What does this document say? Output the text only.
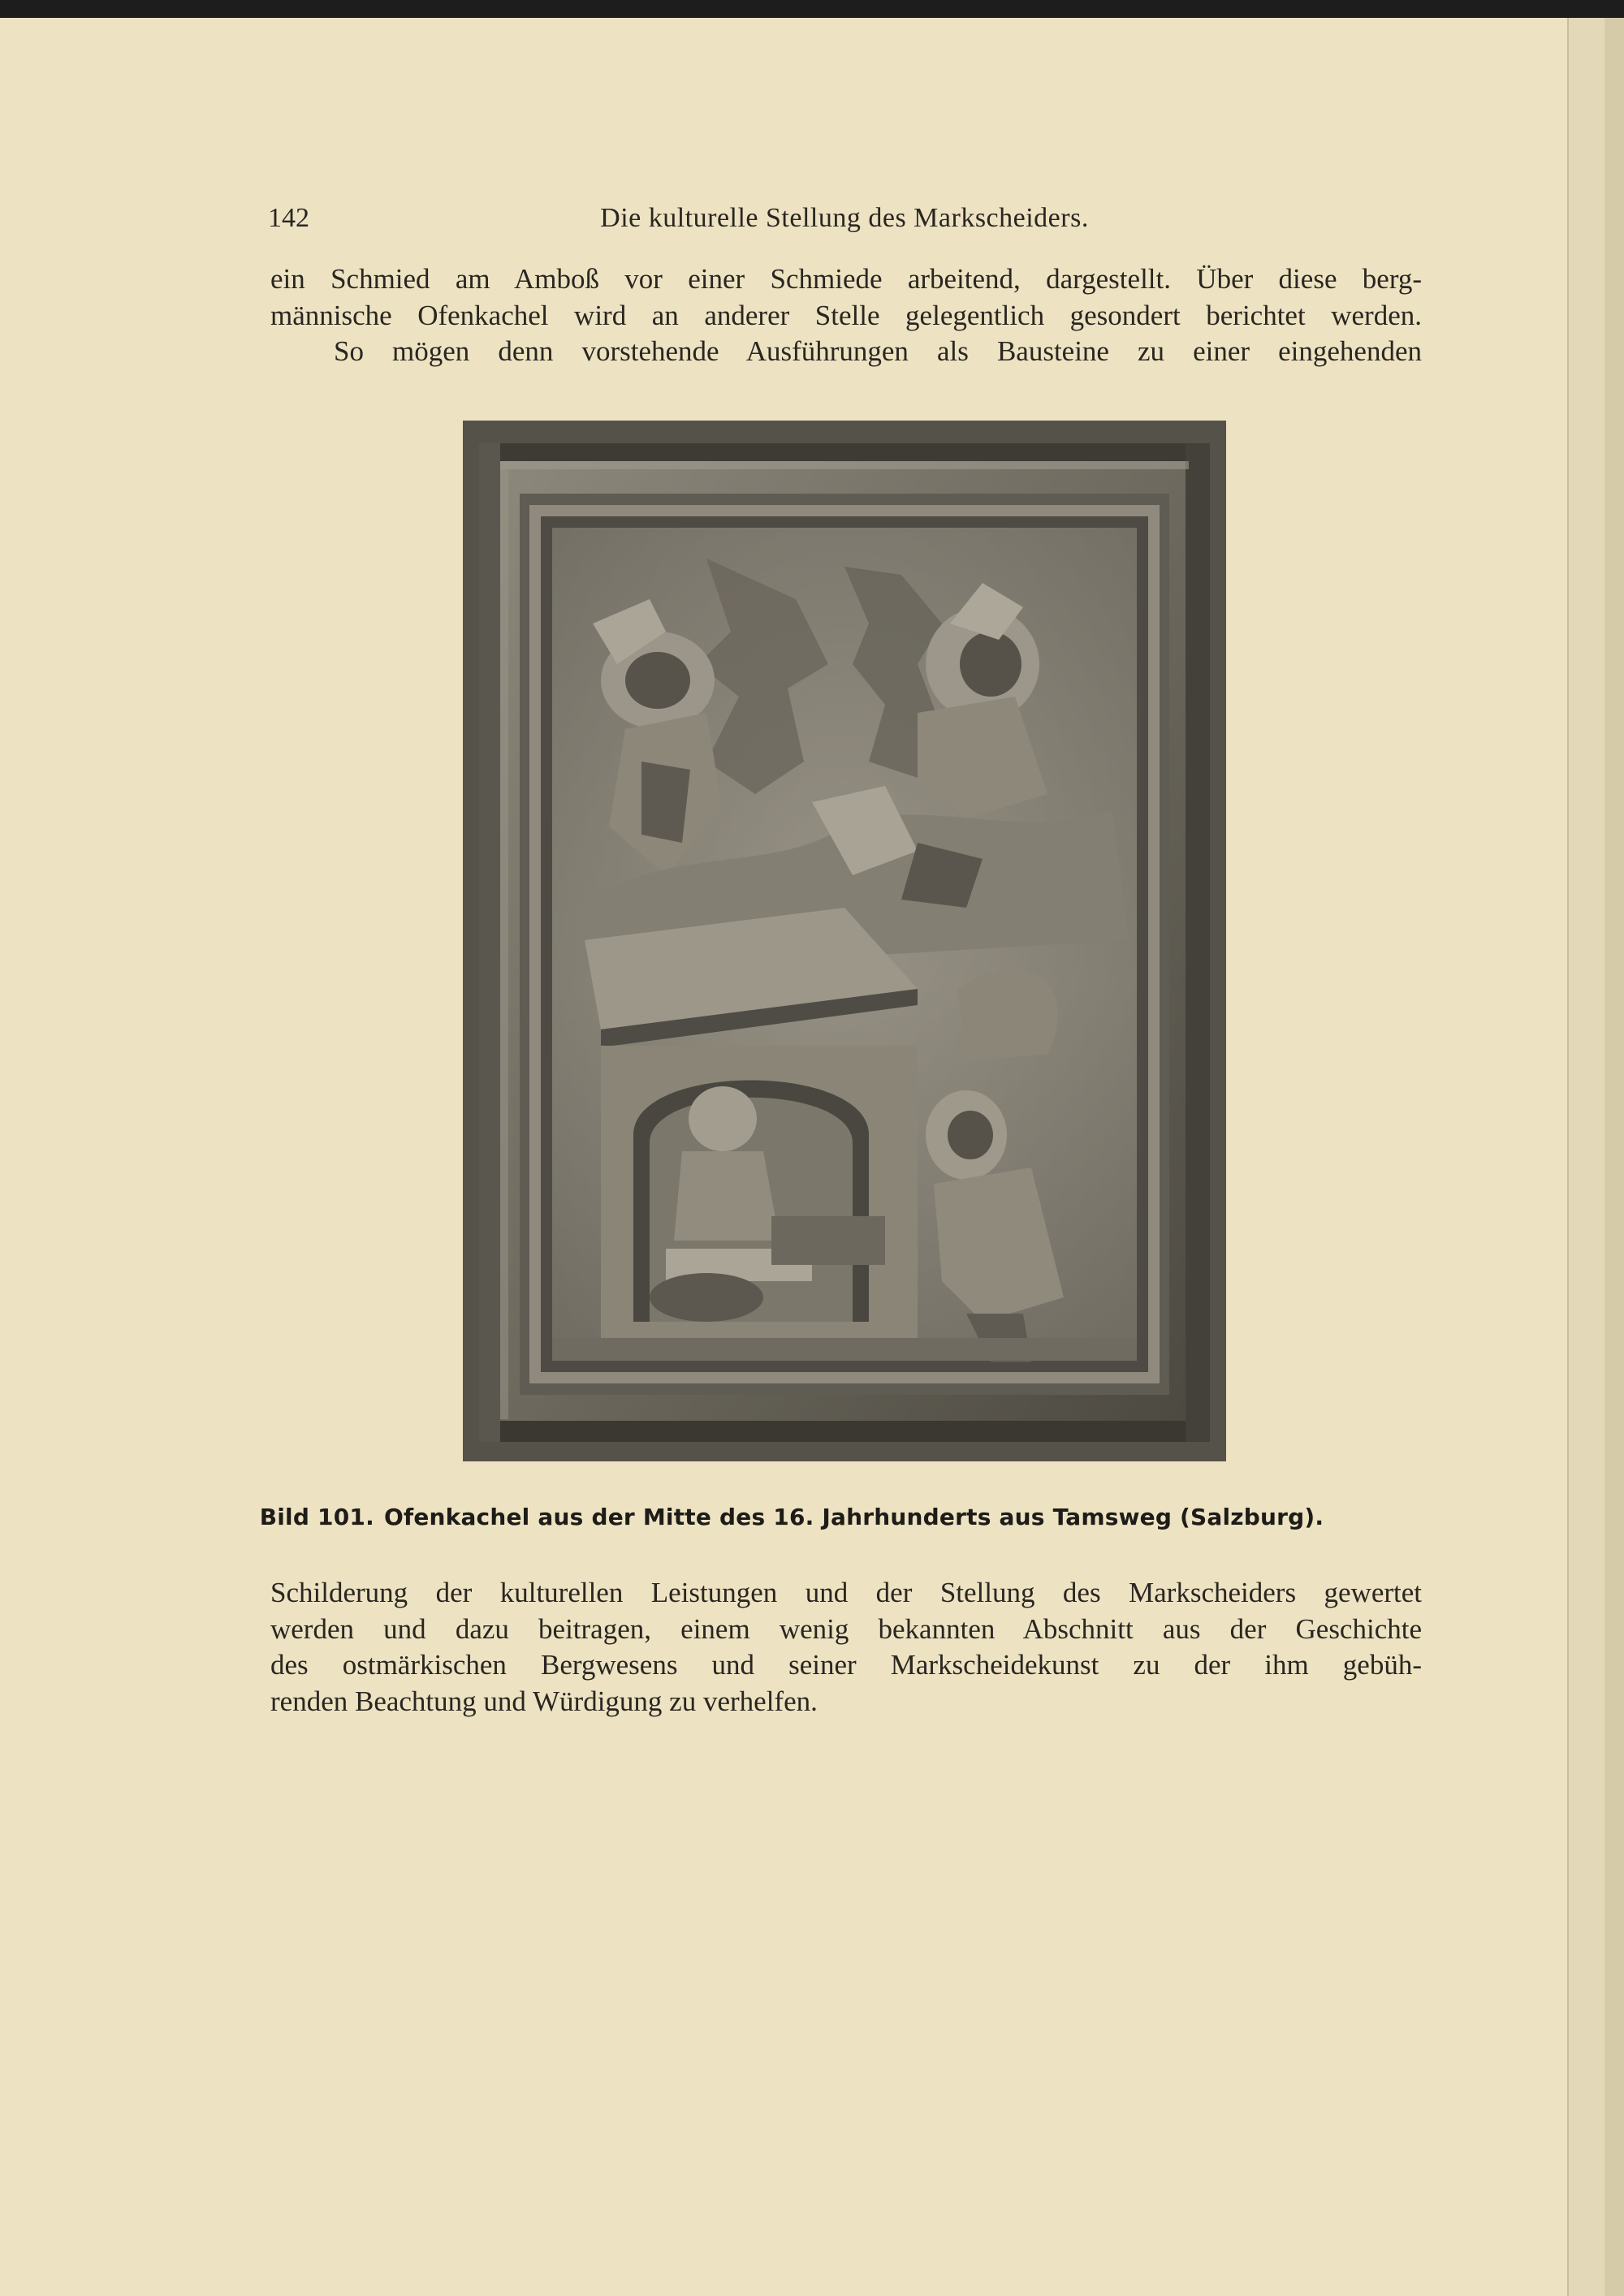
142	Die kulturelle Stellung des Markscheiders.
ein Schmied am Amboß vor einer Schmiede arbeitend, dargestellt. Über diese berg-
männische Ofenkachel wird an anderer Stelle gelegentlich gesondert berichtet werden.
So mögen denn vorstehende Ausführungen als Bausteine zu einer eingehenden
Bild 101. Ofenkachel aus der Mitte des 16. Jahrhunderts aus Tamsweg (Salzburg).
Schilderung der kulturellen Leistungen und der Stellung des Markscheiders gewertet
werden und dazu beitragen, einem wenig bekannten Abschnitt aus der Geschichte
des ostmärkischen Bergwesens und seiner Markscheidekunst zu der ihm gebüh-
renden Beachtung und Würdigung zu verhelfen.
